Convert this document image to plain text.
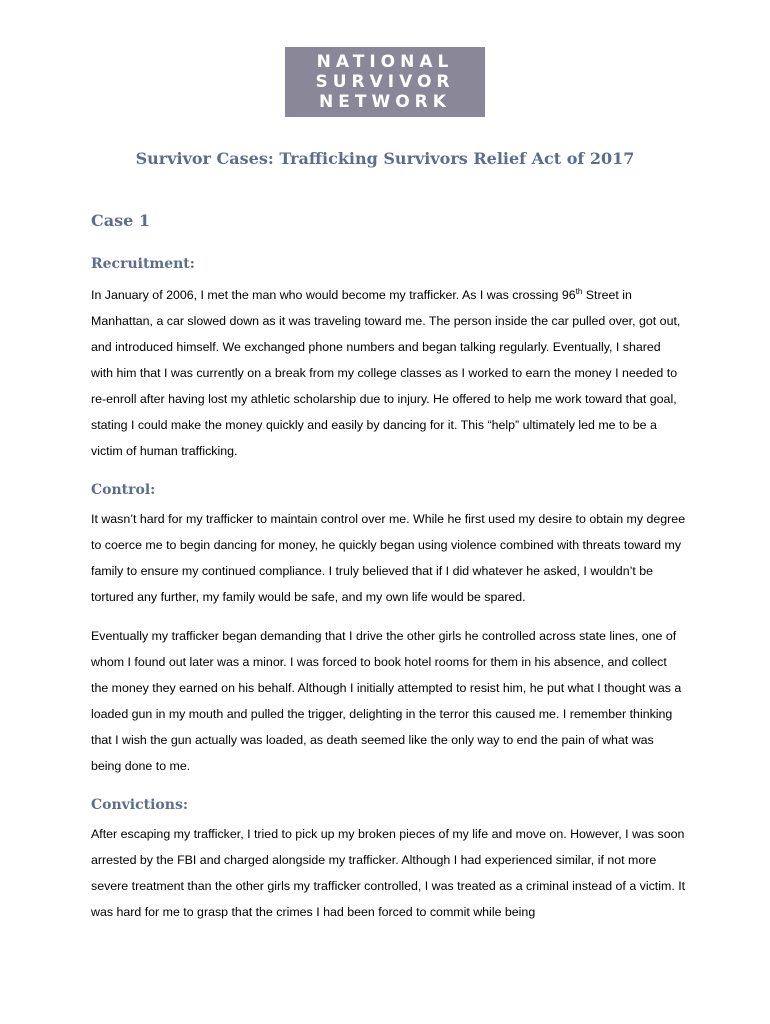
NATIONAL
SURVIVOR
NETWORK
Survivor Cases: Trafficking Survivors Relief Act of 2017
Case 1
Recruitment:

In January of 2006, I met the man who would become my trafficker. As I was crossing 96th Street in Manhattan, a car slowed down as it was traveling toward me. The person inside the car pulled over, got out, and introduced himself. We exchanged phone numbers and began talking regularly. Eventually, I shared with him that I was currently on a break from my college classes as I worked to earn the money I needed to re-enroll after having lost my athletic scholarship due to injury. He offered to help me work toward that goal, stating I could make the money quickly and easily by dancing for it. This “help” ultimately led me to be a victim of human trafficking.

Control:

It wasn’t hard for my trafficker to maintain control over me. While he first used my desire to obtain my degree to coerce me to begin dancing for money, he quickly began using violence combined with threats toward my family to ensure my continued compliance. I truly believed that if I did whatever he asked, I wouldn’t be tortured any further, my family would be safe, and my own life would be spared.

Eventually my trafficker began demanding that I drive the other girls he controlled across state lines, one of whom I found out later was a minor. I was forced to book hotel rooms for them in his absence, and collect the money they earned on his behalf. Although I initially attempted to resist him, he put what I thought was a loaded gun in my mouth and pulled the trigger, delighting in the terror this caused me. I remember thinking that I wish the gun actually was loaded, as death seemed like the only way to end the pain of what was being done to me.

Convictions:

After escaping my trafficker, I tried to pick up my broken pieces of my life and move on. However, I was soon arrested by the FBI and charged alongside my trafficker. Although I had experienced similar, if not more severe treatment than the other girls my trafficker controlled, I was treated as a criminal instead of a victim. It was hard for me to grasp that the crimes I had been forced to commit while being
